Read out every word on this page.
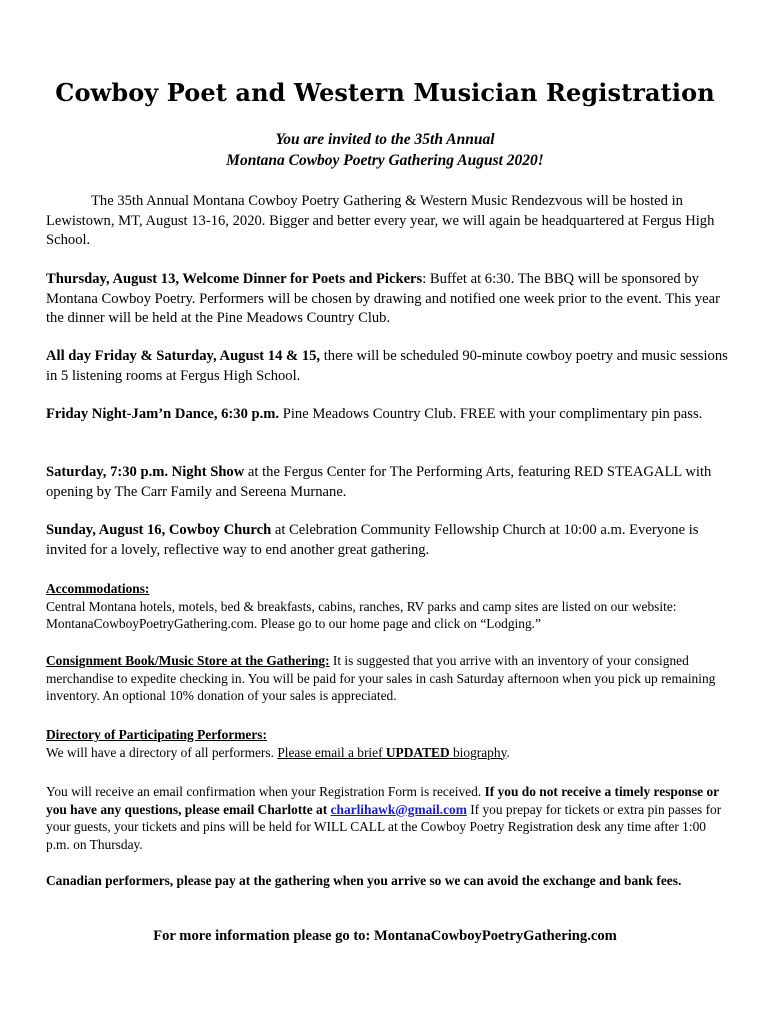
Cowboy Poet and Western Musician Registration
You are invited to the 35th Annual
Montana Cowboy Poetry Gathering August 2020!
The 35th Annual Montana Cowboy Poetry Gathering & Western Music Rendezvous will be hosted in Lewistown, MT, August 13-16, 2020. Bigger and better every year, we will again be headquartered at Fergus High School.
Thursday, August 13, Welcome Dinner for Poets and Pickers: Buffet at 6:30. The BBQ will be sponsored by Montana Cowboy Poetry. Performers will be chosen by drawing and notified one week prior to the event. This year the dinner will be held at the Pine Meadows Country Club.
All day Friday & Saturday, August 14 & 15, there will be scheduled 90-minute cowboy poetry and music sessions in 5 listening rooms at Fergus High School.
Friday Night-Jam’n Dance, 6:30 p.m. Pine Meadows Country Club. FREE with your complimentary pin pass.
Saturday, 7:30 p.m. Night Show at the Fergus Center for The Performing Arts, featuring RED STEAGALL with opening by The Carr Family and Sereena Murnane.
Sunday, August 16, Cowboy Church at Celebration Community Fellowship Church at 10:00 a.m. Everyone is invited for a lovely, reflective way to end another great gathering.
Accommodations:
Central Montana hotels, motels, bed & breakfasts, cabins, ranches, RV parks and camp sites are listed on our website: MontanaCowboyPoetryGathering.com. Please go to our home page and click on “Lodging.”
Consignment Book/Music Store at the Gathering: It is suggested that you arrive with an inventory of your consigned merchandise to expedite checking in. You will be paid for your sales in cash Saturday afternoon when you pick up remaining inventory. An optional 10% donation of your sales is appreciated.
Directory of Participating Performers:
We will have a directory of all performers. Please email a brief UPDATED biography.
You will receive an email confirmation when your Registration Form is received. If you do not receive a timely response or you have any questions, please email Charlotte at charlihawk@gmail.com If you prepay for tickets or extra pin passes for your guests, your tickets and pins will be held for WILL CALL at the Cowboy Poetry Registration desk any time after 1:00 p.m. on Thursday.
Canadian performers, please pay at the gathering when you arrive so we can avoid the exchange and bank fees.
For more information please go to: MontanaCowboyPoetryGathering.com
